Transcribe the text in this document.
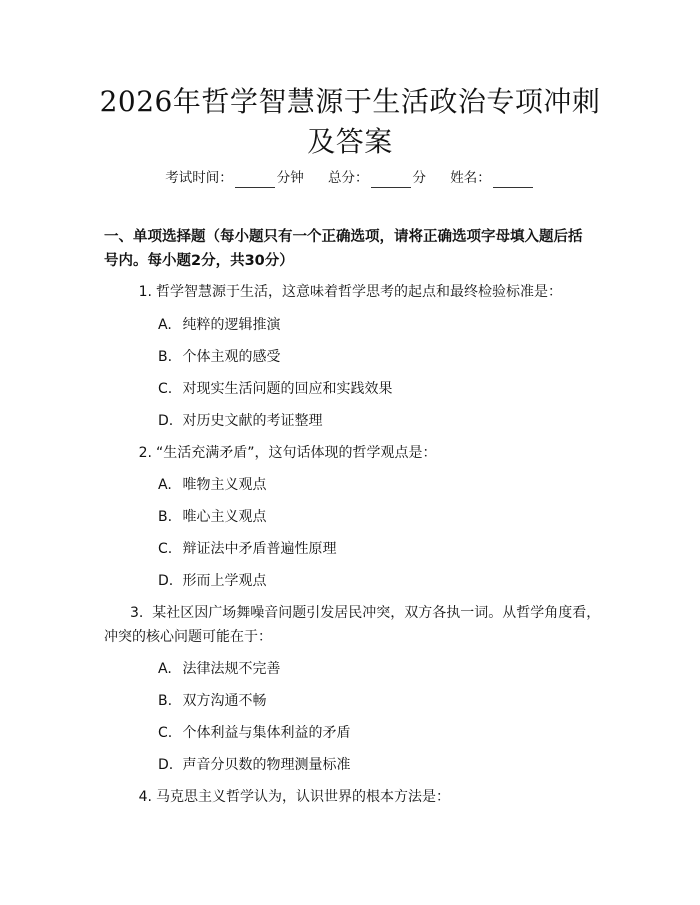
2026年哲学智慧源于生活政治专项冲刺及答案
考试时间：	分钟 总分：	分 姓名：
一、单项选择题（每小题只有一个正确选项，请将正确选项字母填入题后括号内。每小题2分，共30分）
1. 哲学智慧源于生活，这意味着哲学思考的起点和最终检验标准是：
A. 纯粹的逻辑推演
B. 个体主观的感受
C. 对现实生活问题的回应和实践效果
D. 对历史文献的考证整理
2. “生活充满矛盾”，这句话体现的哲学观点是：
A. 唯物主义观点
B. 唯心主义观点
C. 辩证法中矛盾普遍性原理
D. 形而上学观点
3. 某社区因广场舞噪音问题引发居民冲突，双方各执一词。从哲学角度看，冲突的核心问题可能在于：
A. 法律法规不完善
B. 双方沟通不畅
C. 个体利益与集体利益的矛盾
D. 声音分贝数的物理测量标准
4. 马克思主义哲学认为，认识世界的根本方法是：
